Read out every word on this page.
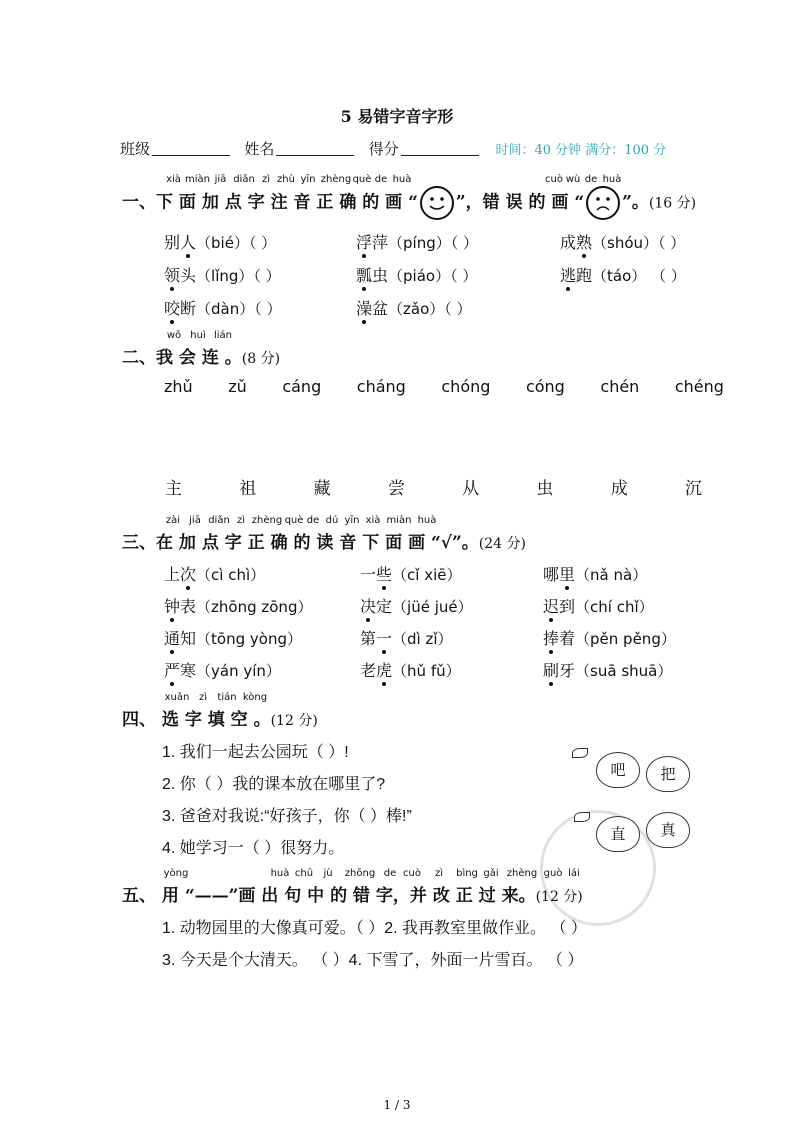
5 易错字音字形
班级	姓名	得分	时间：40 分钟 满分：100 分
xià miàn jiā diǎn zì zhù yīn zhèngquè de huà	cuò wù de huà
一、下 面 加 点 字 注 音 正 确 的 画 “ ”，错 误 的 画 “ ”。(16 分)
别人（bié）（ ）	浮萍（píng）（ ）	成熟（shóu）（ ）
领头（lǐng）（ ）	瓢虫（piáo）（ ）	逃跑（táo） （ ）
咬断（dàn）（ ）	澡盆（zǎo）（ ）
wǒ huì lián
二、我 会 连 。(8 分)
zhǔ zǔ cáng cháng chóng cóng chén chéng
主	祖	藏	尝	从	虫	成	沉
zài jiā diǎn zì zhèng què de dú yīn xià miàn huà
三、在 加 点 字 正 确 的 读 音 下 面 画 “√”。(24 分)
上次（cì chì）	一些（cǐ xiē）	哪里（nǎ nà）
钟表（zhōng zōng）	决定（jüé jué）	迟到（chí chǐ）
通知（tōng yòng）	第一（dì zǐ）	捧着（pěn pěng）
严寒（yán yín）	老虎（hǔ fǔ）	刷牙（suā shuā）
xuǎn zì tián kòng
四、 选 字 填 空 。(12 分)
1. 我们一起去公园玩（ ）!
2. 你（ ）我的课本放在哪里了?
3. 爸爸对我说:“好孩子，你（ ）棒!”
4. 她学习一（ ）很努力。
吧	把
直	真
yòng	huà chū jù zhōng de cuò zì bìng gǎi zhèng guò lái
五、 用 “——”画 出 句 中 的 错 字，并 改 正 过 来。(12 分)
1. 动物园里的大像真可爱。（ ）2. 我再教室里做作业。 （ ）
3. 今天是个大清天。 （ ）4. 下雪了，外面一片雪百。 （ ）
1 / 3
